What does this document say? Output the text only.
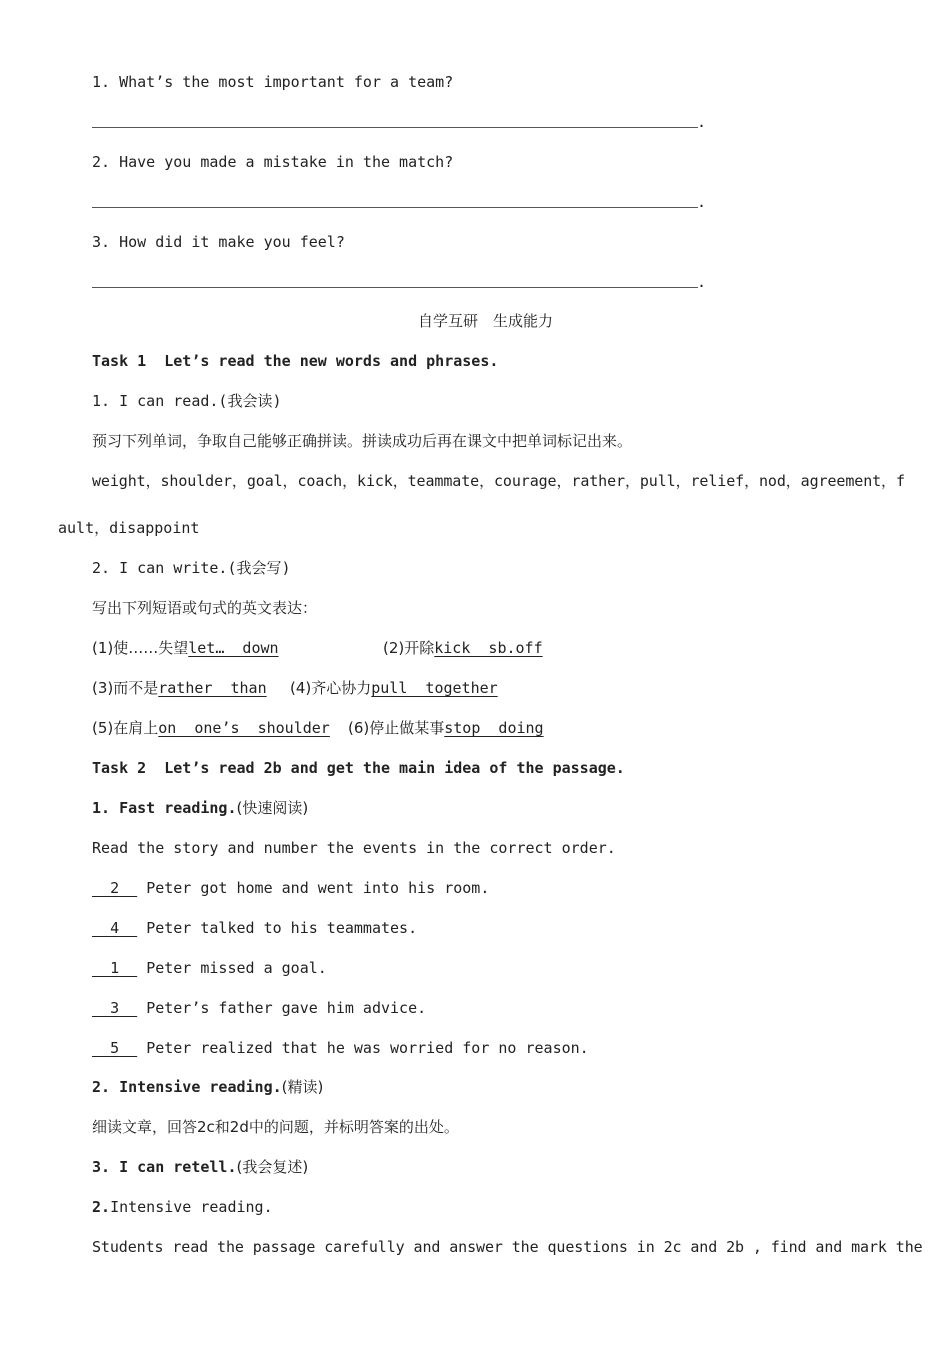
1. What’s the most important for a team?
.
2. Have you made a mistake in the match?
.
3. How did it make you feel?
.
自学互研　生成能力
Task 1  Let’s read the new words and phrases.
1. I can read.(我会读)
预习下列单词，争取自己能够正确拼读。拼读成功后再在课文中把单词标记出来。
weight，shoulder，goal，coach，kick，teammate，courage，rather，pull，relief，nod，agreement，f
ault，disappoint
2. I can write.(我会写)
写出下列短语或句式的英文表达：
(1)使……失望let…  down	(2)开除kick  sb.off
(3)而不是rather  than (4)齐心协力pull  together
(5)在肩上on  one’s  shoulder (6)停止做某事stop  doing
Task 2  Let’s read 2b and get the main idea of the passage.
1. Fast reading.(快速阅读)
Read the story and number the events in the correct order.
2 Peter got home and went into his room.
4 Peter talked to his teammates.
1 Peter missed a goal.
3 Peter’s father gave him advice.
5 Peter realized that he was worried for no reason.
2. Intensive reading.(精读)
细读文章，回答2c和2d中的问题，并标明答案的出处。
3. I can retell.(我会复述)
2.Intensive reading.
Students read the passage carefully and answer the questions in 2c and 2b , find and mark the
